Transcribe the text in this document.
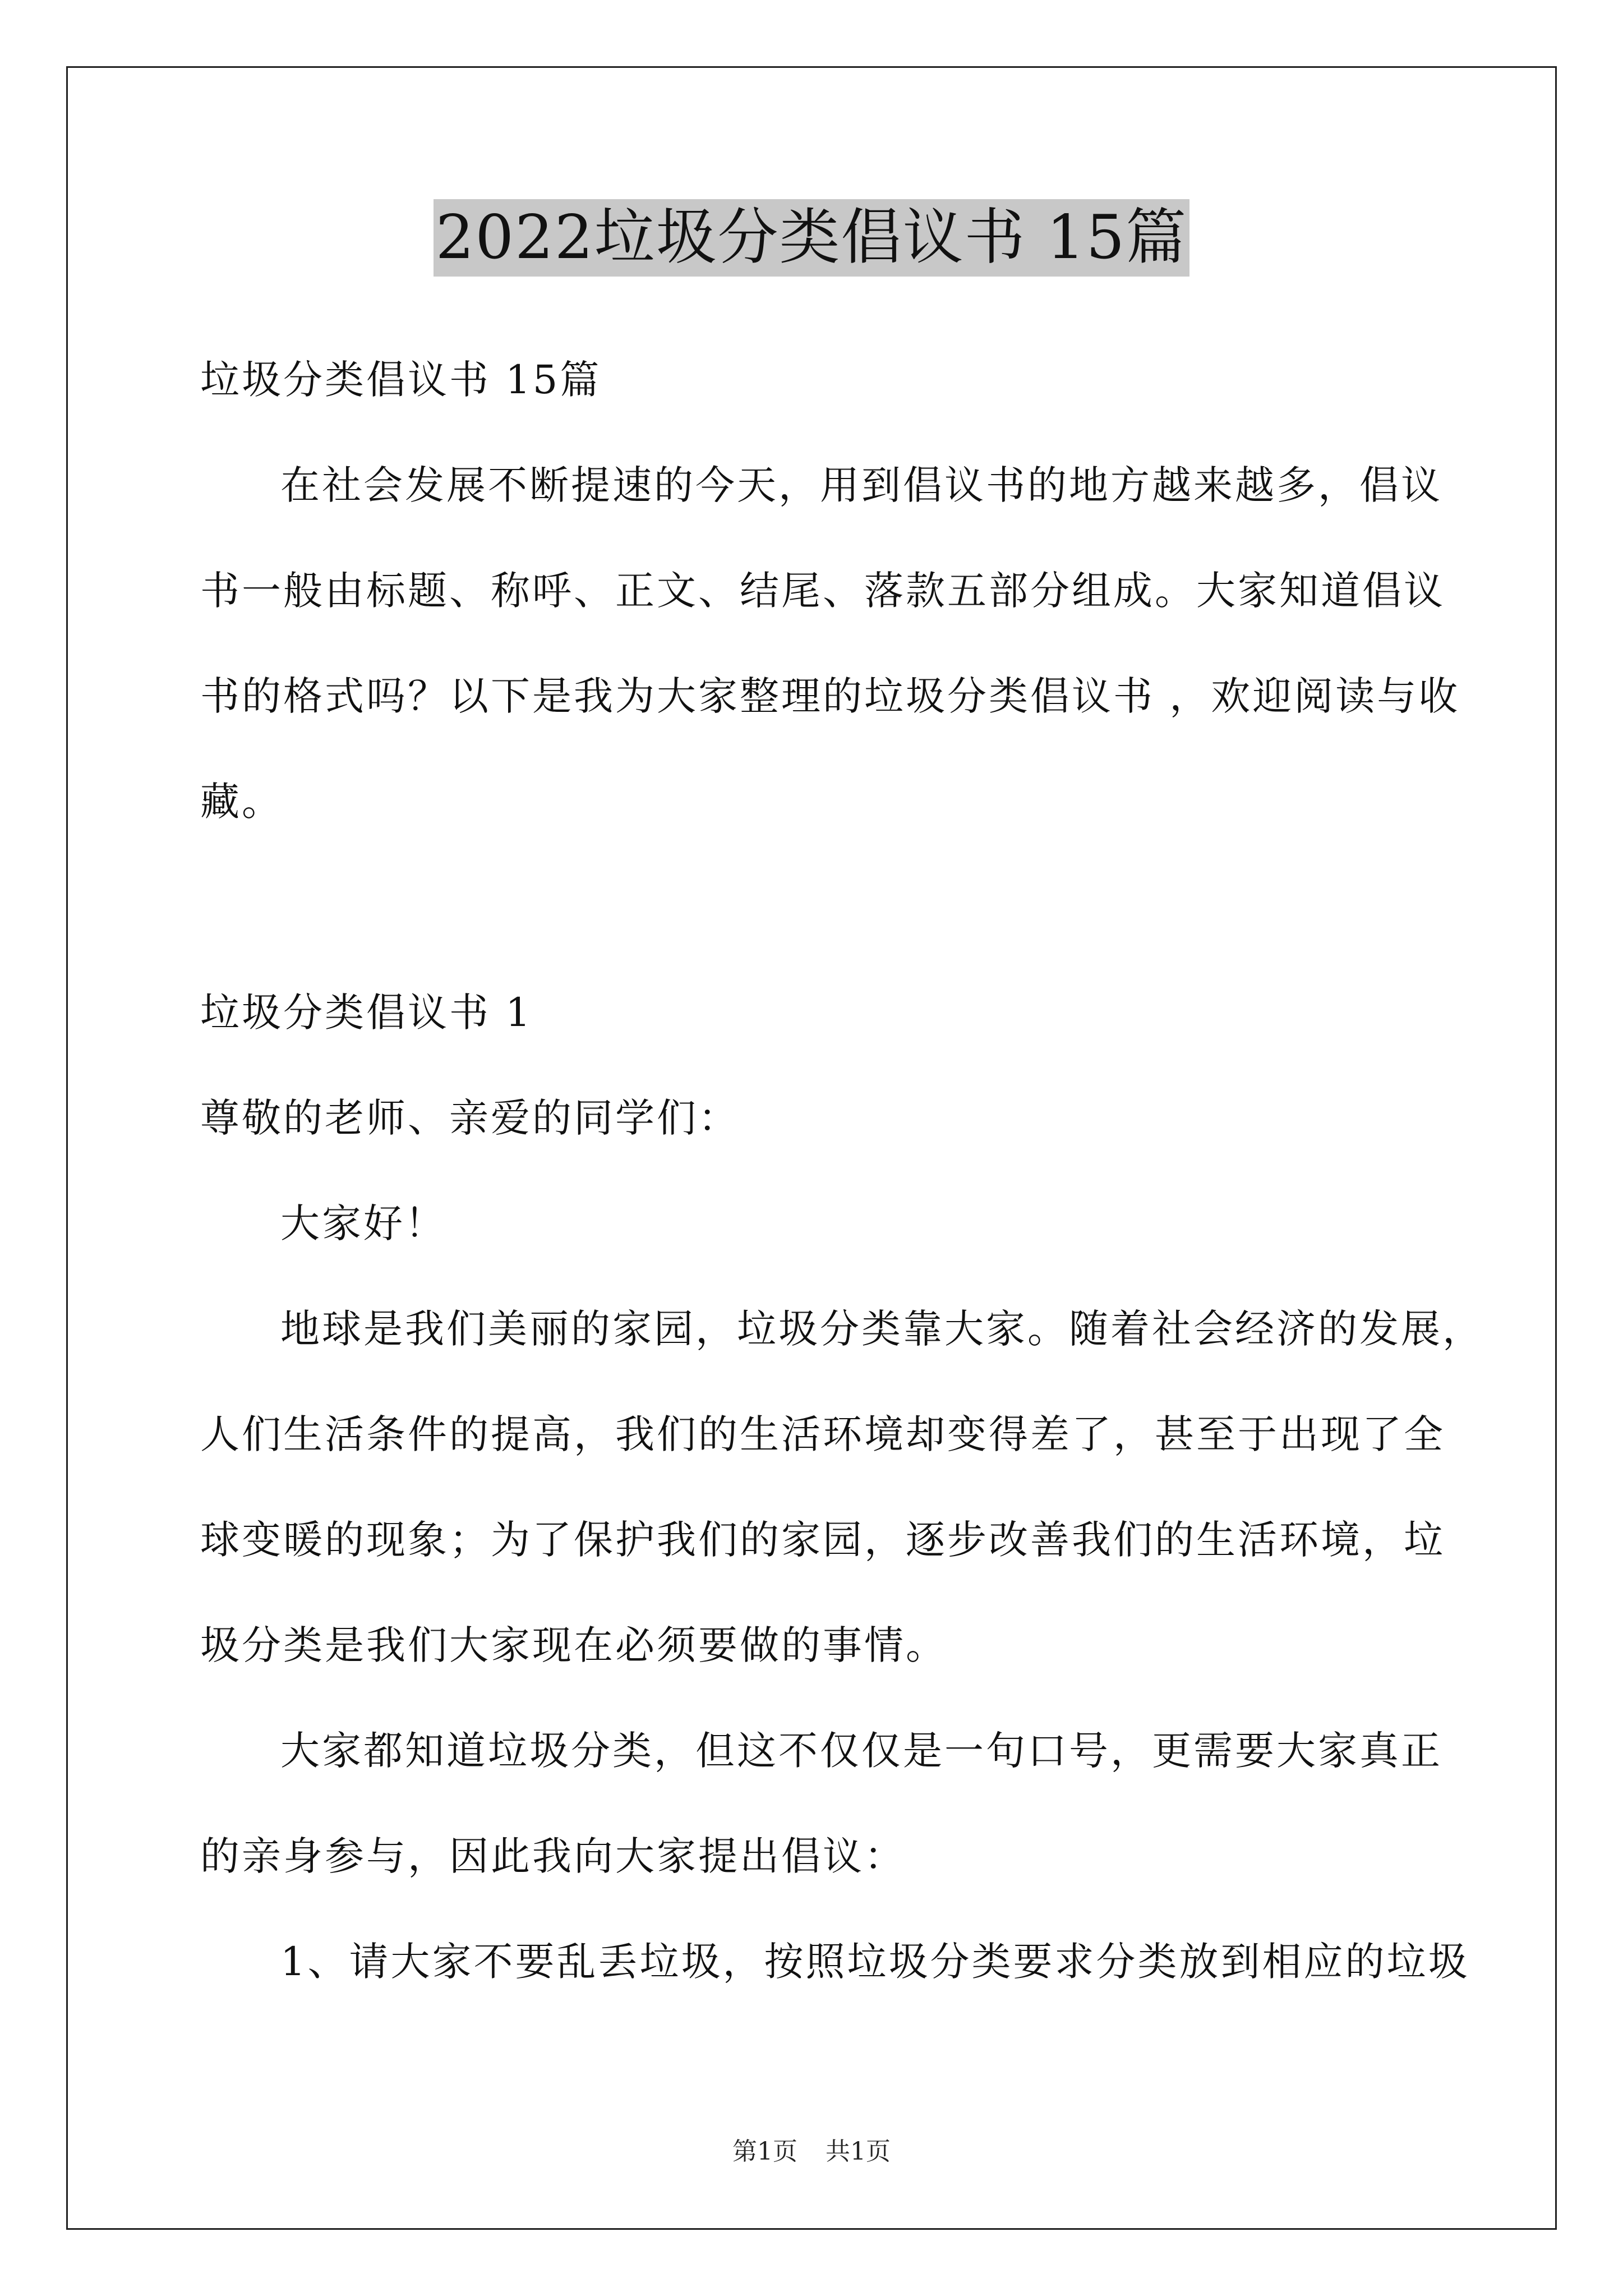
2022垃圾分类倡议书 15篇
垃圾分类倡议书 15篇
在社会发展不断提速的今天，用到倡议书的地方越来越多，倡议
书一般由标题、称呼、正文、结尾、落款五部分组成。大家知道倡议
书的格式吗？以下是我为大家整理的垃圾分类倡议书 ，欢迎阅读与收
藏。
垃圾分类倡议书 1
尊敬的老师、亲爱的同学们：
大家好！
地球是我们美丽的家园，垃圾分类靠大家。随着社会经济的发展，
人们生活条件的提高，我们的生活环境却变得差了，甚至于出现了全
球变暖的现象；为了保护我们的家园，逐步改善我们的生活环境，垃
圾分类是我们大家现在必须要做的事情。
大家都知道垃圾分类，但这不仅仅是一句口号，更需要大家真正
的亲身参与，因此我向大家提出倡议：
1、请大家不要乱丢垃圾，按照垃圾分类要求分类放到相应的垃圾
第1页 共1页
